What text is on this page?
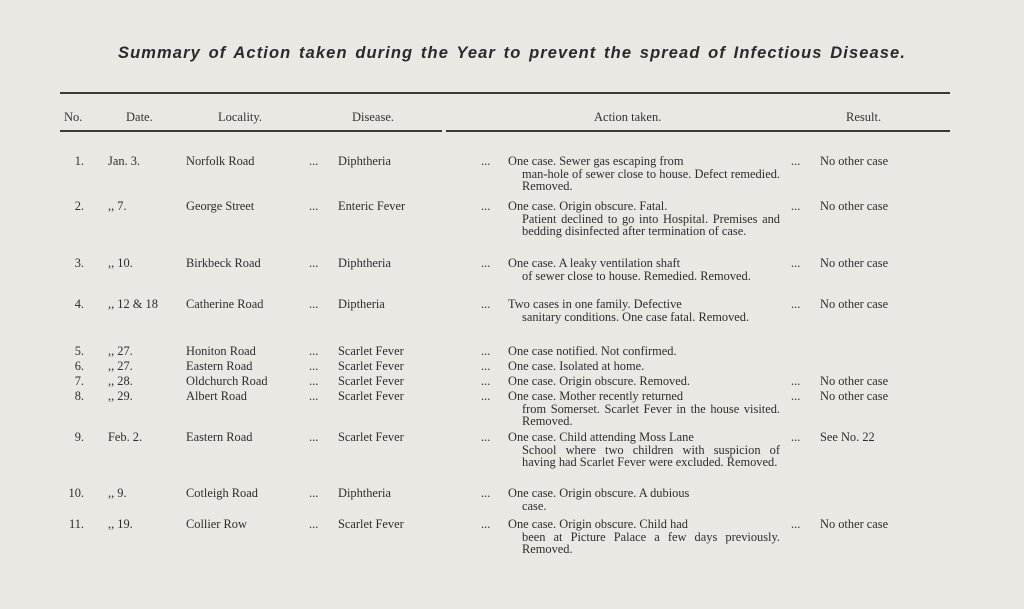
Summary of Action taken during the Year to prevent the spread of Infectious Disease.
No.	Date.	Locality.	Disease.	Action taken.	Result.
1. Jan. 3.	Norfolk Road	... Diphtheria	... One case. Sewer gas escaping from
man-hole of sewer close to house. Defect remedied. Removed.
... No other case
2. ,, 7.	George Street	... Enteric Fever	... One case. Origin obscure. Fatal.
Patient declined to go into Hospital. Premises and bedding disinfected after termination of case.
... No other case
3. ,, 10.	Birkbeck Road	... Diphtheria	... One case. A leaky ventilation shaft
of sewer close to house. Remedied. Removed.
... No other case
4. ,, 12 & 18 Catherine Road	... Diptheria	... Two cases in one family. Defective
sanitary conditions. One case fatal. Removed.
... No other case
5. ,, 27.	Honiton Road	... Scarlet Fever	... One case notified. Not confirmed.
6. ,, 27.	Eastern Road	... Scarlet Fever	... One case. Isolated at home.
7. ,, 28.	Oldchurch Road	... Scarlet Fever	... One case. Origin obscure. Removed.	... No other case
8. ,, 29.	Albert Road	... Scarlet Fever	... One case. Mother recently returned
from Somerset. Scarlet Fever in the house visited. Removed.
... No other case
9. Feb. 2.	Eastern Road	... Scarlet Fever	... One case. Child attending Moss Lane
School where two children with suspicion of having had Scarlet Fever were excluded. Removed.
... See No. 22
10. ,, 9.	Cotleigh Road	... Diphtheria	... One case. Origin obscure. A dubious
case.
11. ,, 19.	Collier Row	... Scarlet Fever	... One case. Origin obscure. Child had
been at Picture Palace a few days previously. Removed.
... No other case
